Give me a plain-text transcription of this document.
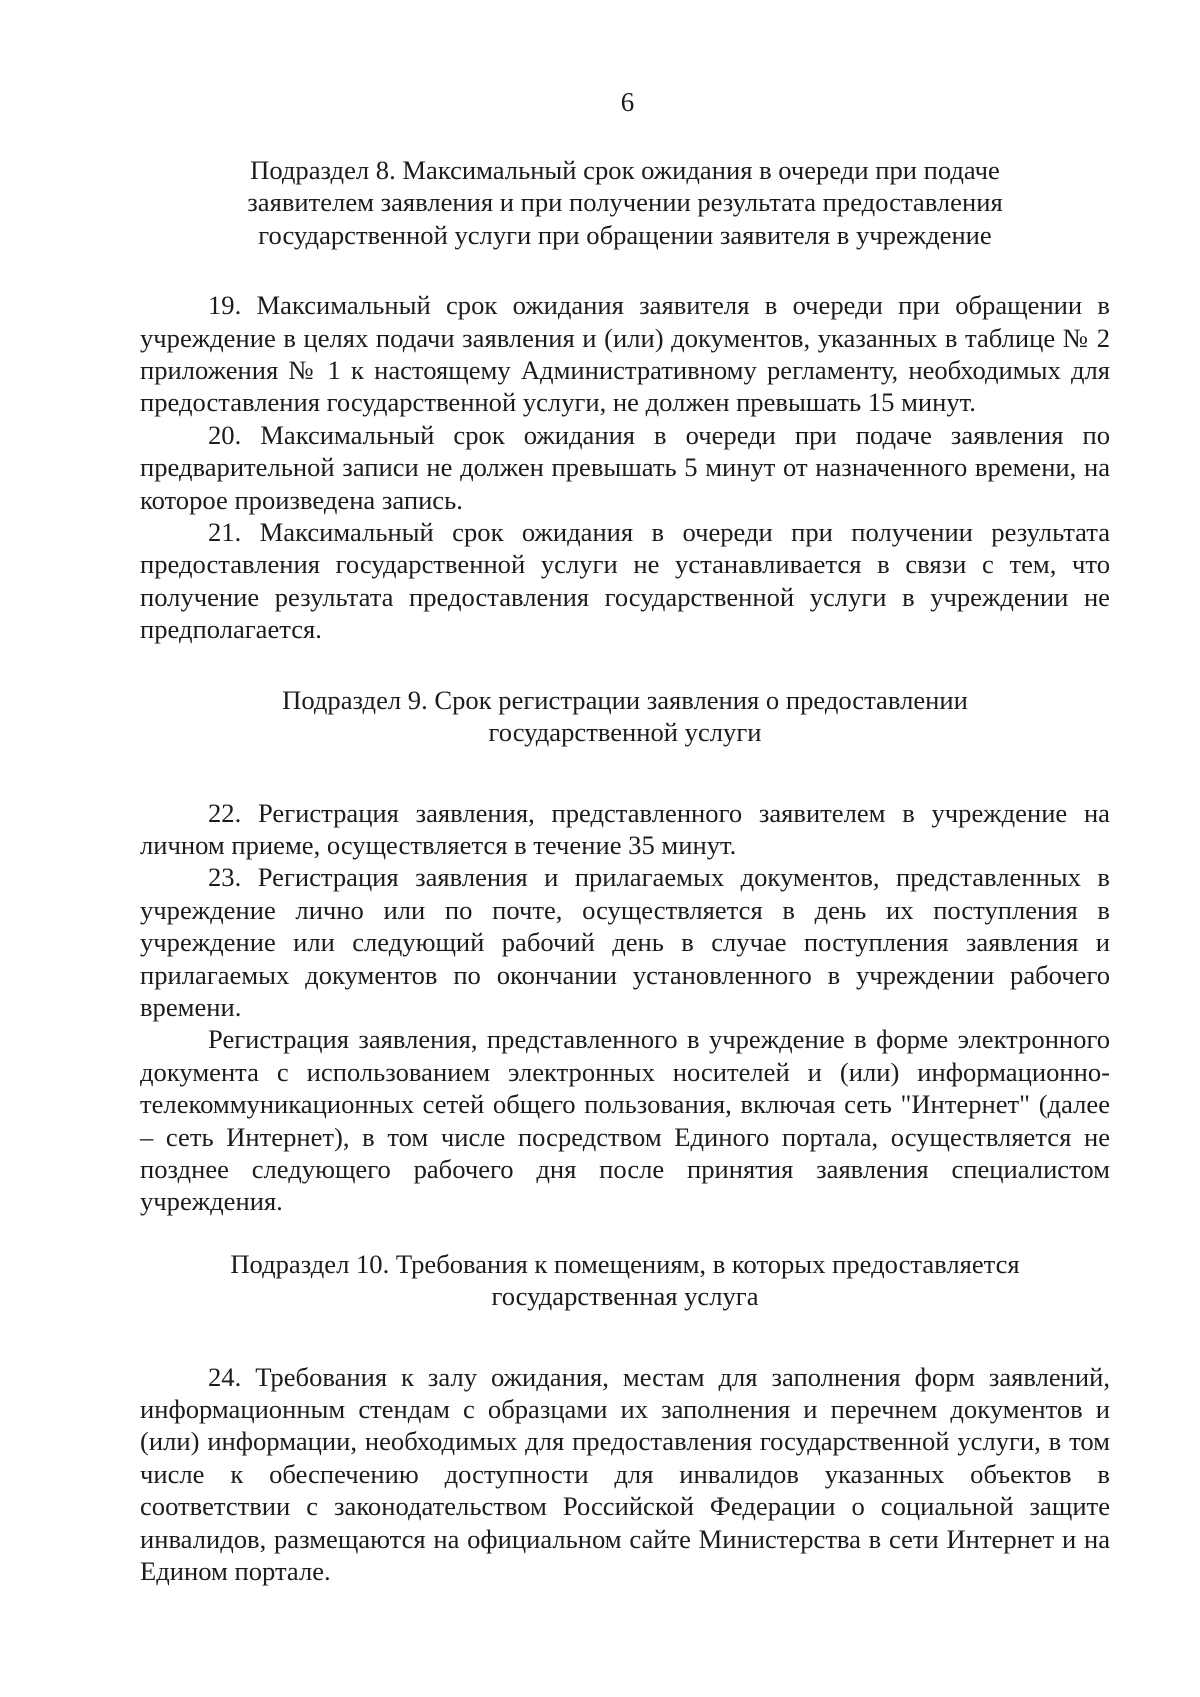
6
Подраздел 8. Максимальный срок ожидания в очереди при подаче
заявителем заявления и при получении результата предоставления
государственной услуги при обращении заявителя в учреждение

19. Максимальный срок ожидания заявителя в очереди при обращении в учреждение в целях подачи заявления и (или) документов, указанных в таблице № 2 приложения № 1 к настоящему Административному регламенту, необходимых для предоставления государственной услуги, не должен превышать 15 минут.

20. Максимальный срок ожидания в очереди при подаче заявления по предварительной записи не должен превышать 5 минут от назначенного времени, на которое произведена запись.

21. Максимальный срок ожидания в очереди при получении результата предоставления государственной услуги не устанавливается в связи с тем, что получение результата предоставления государственной услуги в учреждении не предполагается.

Подраздел 9. Срок регистрации заявления о предоставлении
государственной услуги

22. Регистрация заявления, представленного заявителем в учреждение на личном приеме, осуществляется в течение 35 минут.

23. Регистрация заявления и прилагаемых документов, представленных в учреждение лично или по почте, осуществляется в день их поступления в учреждение или следующий рабочий день в случае поступления заявления и прилагаемых документов по окончании установленного в учреждении рабочего времени.

Регистрация заявления, представленного в учреждение в форме электронного документа с использованием электронных носителей и (или) информационно-телекоммуникационных сетей общего пользования, включая сеть "Интернет" (далее – сеть Интернет), в том числе посредством Единого портала, осуществляется не позднее следующего рабочего дня после принятия заявления специалистом учреждения.

Подраздел 10. Требования к помещениям, в которых предоставляется
государственная услуга

24. Требования к залу ожидания, местам для заполнения форм заявлений, информационным стендам с образцами их заполнения и перечнем документов и (или) информации, необходимых для предоставления государственной услуги, в том числе к обеспечению доступности для инвалидов указанных объектов в соответствии с законодательством Российской Федерации о социальной защите инвалидов, размещаются на официальном сайте Министерства в сети Интернет и на Едином портале.
